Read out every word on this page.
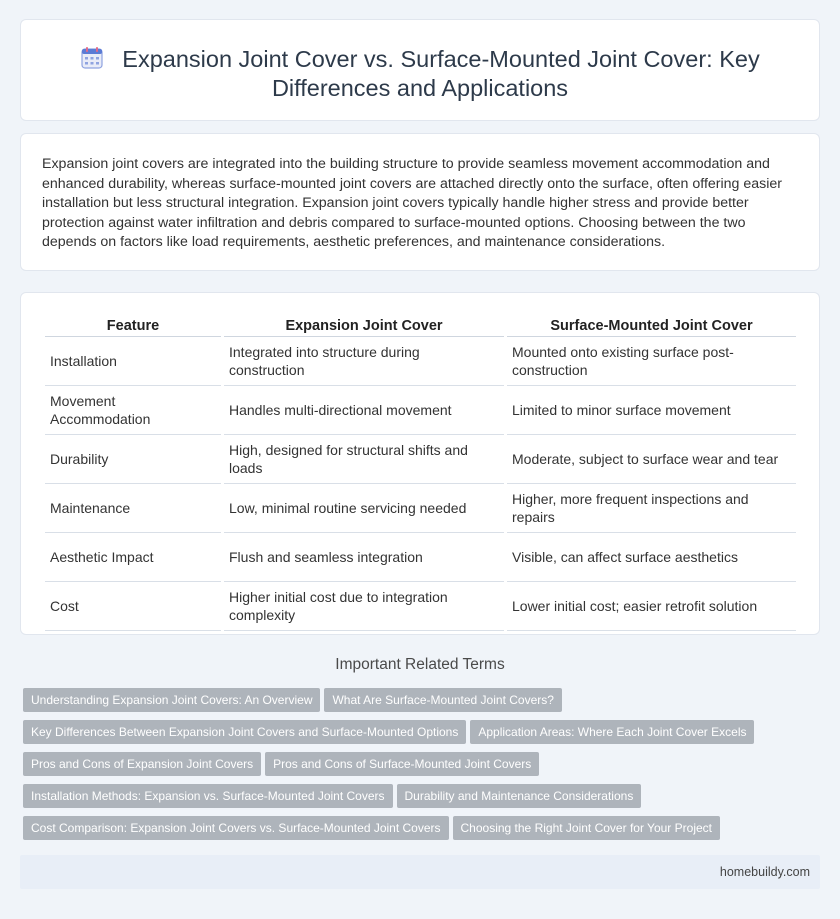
Expansion Joint Cover vs. Surface-Mounted Joint Cover: Key Differences and Applications

Expansion joint covers are integrated into the building structure to provide seamless movement accommodation and enhanced durability, whereas surface-mounted joint covers are attached directly onto the surface, often offering easier installation but less structural integration. Expansion joint covers typically handle higher stress and provide better protection against water infiltration and debris compared to surface-mounted options. Choosing between the two depends on factors like load requirements, aesthetic preferences, and maintenance considerations.

Feature	Expansion Joint Cover	Surface-Mounted Joint Cover
Installation	Integrated into structure during construction	Mounted onto existing surface post-construction
Movement Accommodation	Handles multi-directional movement	Limited to minor surface movement
Durability	High, designed for structural shifts and loads	Moderate, subject to surface wear and tear
Maintenance	Low, minimal routine servicing needed	Higher, more frequent inspections and repairs
Aesthetic Impact	Flush and seamless integration	Visible, can affect surface aesthetics
Cost	Higher initial cost due to integration complexity	Lower initial cost; easier retrofit solution
Important Related Terms
Understanding Expansion Joint Covers: An Overview What Are Surface-Mounted Joint Covers?
Key Differences Between Expansion Joint Covers and Surface-Mounted Options Application Areas: Where Each Joint Cover Excels
Pros and Cons of Expansion Joint Covers Pros and Cons of Surface-Mounted Joint Covers
Installation Methods: Expansion vs. Surface-Mounted Joint Covers Durability and Maintenance Considerations
Cost Comparison: Expansion Joint Covers vs. Surface-Mounted Joint Covers Choosing the Right Joint Cover for Your Project
homebuildy.com
